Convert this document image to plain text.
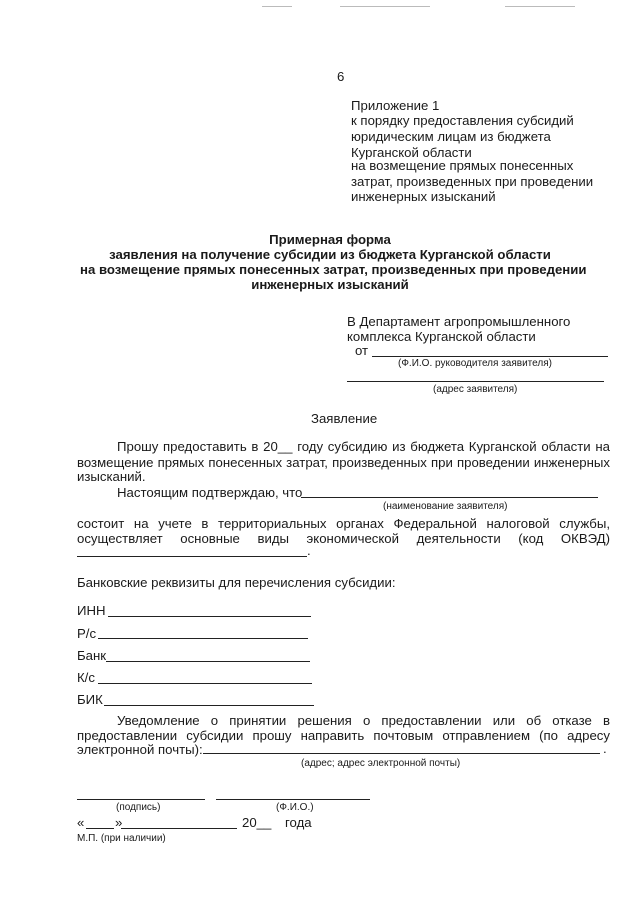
6
Приложение 1
к порядку предоставления субсидий
юридическим лицам из бюджета
Курганской области
на возмещение прямых понесенных
затрат, произведенных при проведении
инженерных изысканий
Примерная форма
заявления на получение субсидии из бюджета Курганской области
на возмещение прямых понесенных затрат, произведенных при проведении
инженерных изысканий
В Департамент агропромышленного
комплекса Курганской области
от
(Ф.И.О. руководителя заявителя)
(адрес заявителя)
Заявление
Прошу предоставить в 20__ году субсидию из бюджета Курганской области на
возмещение прямых понесенных затрат, произведенных при проведении инженерных
изысканий.
Настоящим подтверждаю, что
(наименование заявителя)
состоит на учете в территориальных органах Федеральной налоговой службы,
осуществляет основные виды экономической деятельности (код ОКВЭД)
.
Банковские реквизиты для перечисления субсидии:
ИНН
Р/с
Банк
К/с
БИК
Уведомление о принятии решения о предоставлении или об отказе в
предоставлении субсидии прошу направить почтовым отправлением (по адресу
электронной почты):	.
(адрес; адрес электронной почты)
(подпись)	(Ф.И.О.)
« »	20__ года
М.П. (при наличии)
